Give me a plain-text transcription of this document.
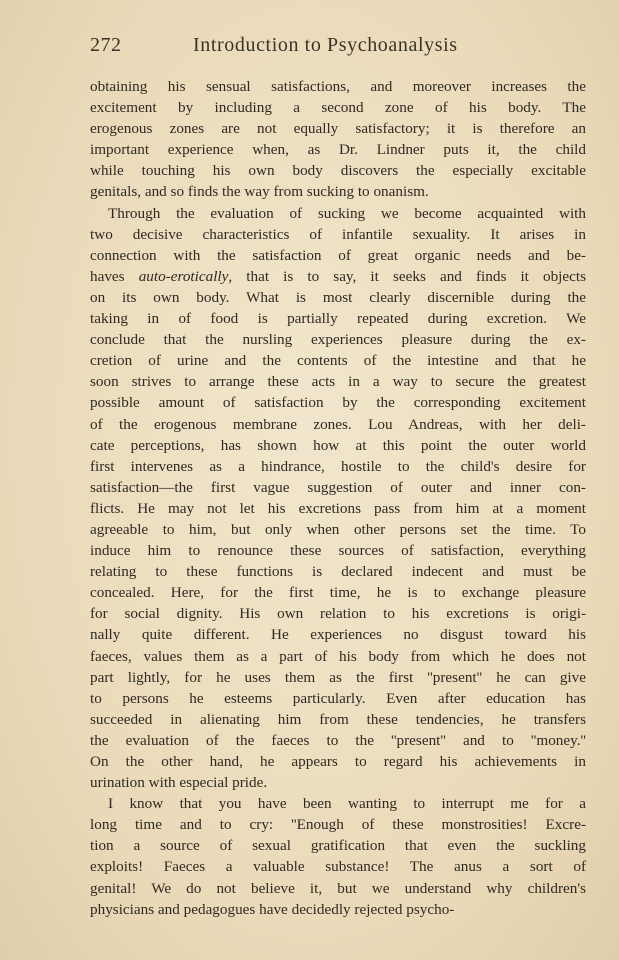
272	Introduction to Psychoanalysis
obtaining his sensual satisfactions, and moreover increases the
excitement by including a second zone of his body. The
erogenous zones are not equally satisfactory; it is therefore an
important experience when, as Dr. Lindner puts it, the child
while touching his own body discovers the especially excitable
genitals, and so finds the way from sucking to onanism.
Through the evaluation of sucking we become acquainted with
two decisive characteristics of infantile sexuality. It arises in
connection with the satisfaction of great organic needs and be-
haves auto-erotically, that is to say, it seeks and finds it objects
on its own body. What is most clearly discernible during the
taking in of food is partially repeated during excretion. We
conclude that the nursling experiences pleasure during the ex-
cretion of urine and the contents of the intestine and that he
soon strives to arrange these acts in a way to secure the greatest
possible amount of satisfaction by the corresponding excitement
of the erogenous membrane zones. Lou Andreas, with her deli-
cate perceptions, has shown how at this point the outer world
first intervenes as a hindrance, hostile to the child's desire for
satisfaction—the first vague suggestion of outer and inner con-
flicts. He may not let his excretions pass from him at a moment
agreeable to him, but only when other persons set the time. To
induce him to renounce these sources of satisfaction, everything
relating to these functions is declared indecent and must be
concealed. Here, for the first time, he is to exchange pleasure
for social dignity. His own relation to his excretions is origi-
nally quite different. He experiences no disgust toward his
faeces, values them as a part of his body from which he does not
part lightly, for he uses them as the first ''present'' he can give
to persons he esteems particularly. Even after education has
succeeded in alienating him from these tendencies, he transfers
the evaluation of the faeces to the ''present'' and to ''money.''
On the other hand, he appears to regard his achievements in
urination with especial pride.
I know that you have been wanting to interrupt me for a
long time and to cry: ''Enough of these monstrosities! Excre-
tion a source of sexual gratification that even the suckling
exploits! Faeces a valuable substance! The anus a sort of
genital! We do not believe it, but we understand why children's
physicians and pedagogues have decidedly rejected psycho-
